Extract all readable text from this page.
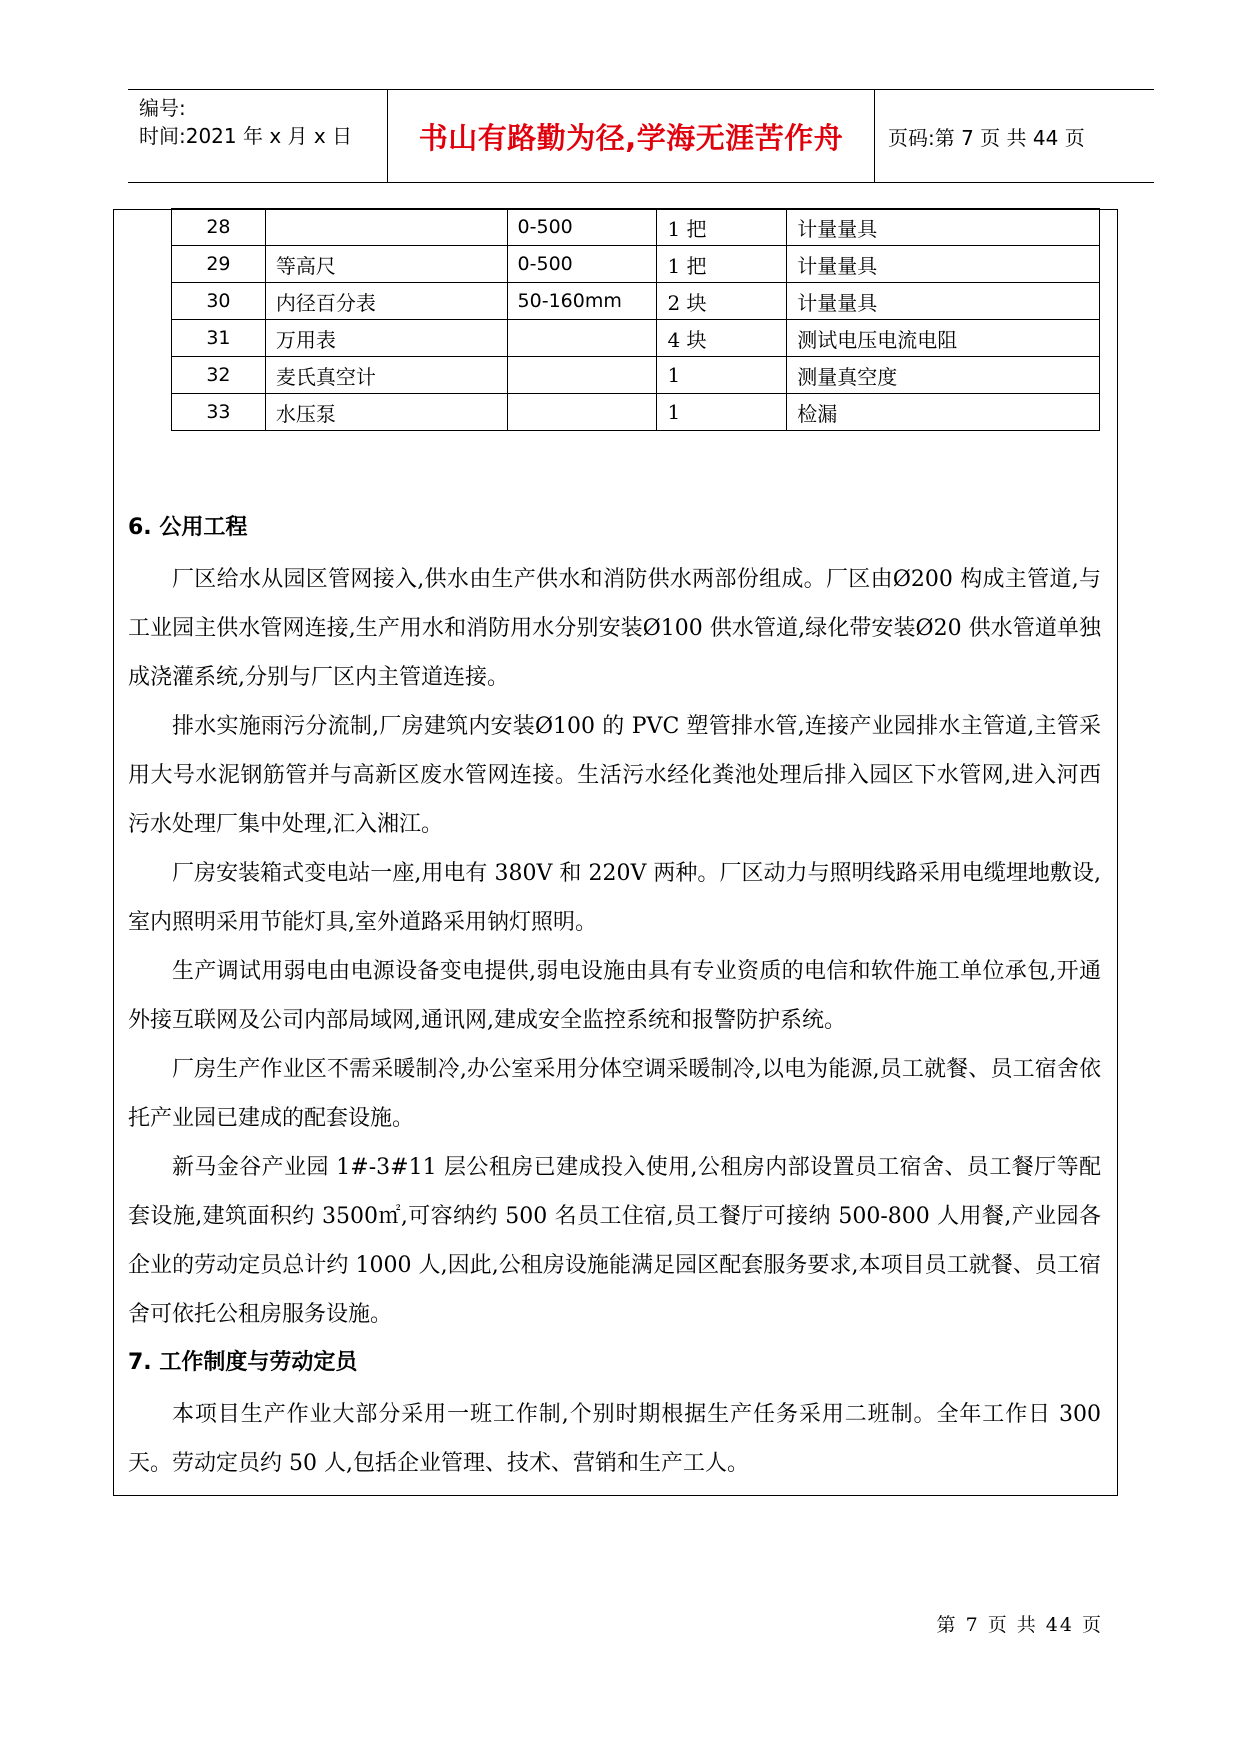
编号:
时间:2021 年 x 月 x 日	书山有路勤为径,学海无涯苦作舟	页码:第 7 页 共 44 页
28		0-500	1 把	计量量具
29	等高尺	0-500	1 把	计量量具
30	内径百分表	50-160mm	2 块	计量量具
31	万用表		4 块	测试电压电流电阻
32	麦氏真空计		1	测量真空度
33	水压泵		1	检漏
6. 公用工程

厂区给水从园区管网接入,供水由生产供水和消防供水两部份组成。厂区由Ø200 构成主管道,与工业园主供水管网连接,生产用水和消防用水分别安装Ø100 供水管道,绿化带安装Ø20 供水管道单独成浇灌系统,分别与厂区内主管道连接。

排水实施雨污分流制,厂房建筑内安装Ø100 的 PVC 塑管排水管,连接产业园排水主管道,主管采用大号水泥钢筋管并与高新区废水管网连接。生活污水经化粪池处理后排入园区下水管网,进入河西污水处理厂集中处理,汇入湘江。

厂房安装箱式变电站一座,用电有 380V 和 220V 两种。厂区动力与照明线路采用电缆埋地敷设,室内照明采用节能灯具,室外道路采用钠灯照明。

生产调试用弱电由电源设备变电提供,弱电设施由具有专业资质的电信和软件施工单位承包,开通外接互联网及公司内部局域网,通讯网,建成安全监控系统和报警防护系统。

厂房生产作业区不需采暖制冷,办公室采用分体空调采暖制冷,以电为能源,员工就餐、员工宿舍依托产业园已建成的配套设施。

新马金谷产业园 1#-3#11 层公租房已建成投入使用,公租房内部设置员工宿舍、员工餐厅等配套设施,建筑面积约 3500㎡,可容纳约 500 名员工住宿,员工餐厅可接纳 500-800 人用餐,产业园各企业的劳动定员总计约 1000 人,因此,公租房设施能满足园区配套服务要求,本项目员工就餐、员工宿舍可依托公租房服务设施。

7. 工作制度与劳动定员

本项目生产作业大部分采用一班工作制,个别时期根据生产任务采用二班制。全年工作日 300 天。劳动定员约 50 人,包括企业管理、技术、营销和生产工人。

第 7 页 共 44 页
